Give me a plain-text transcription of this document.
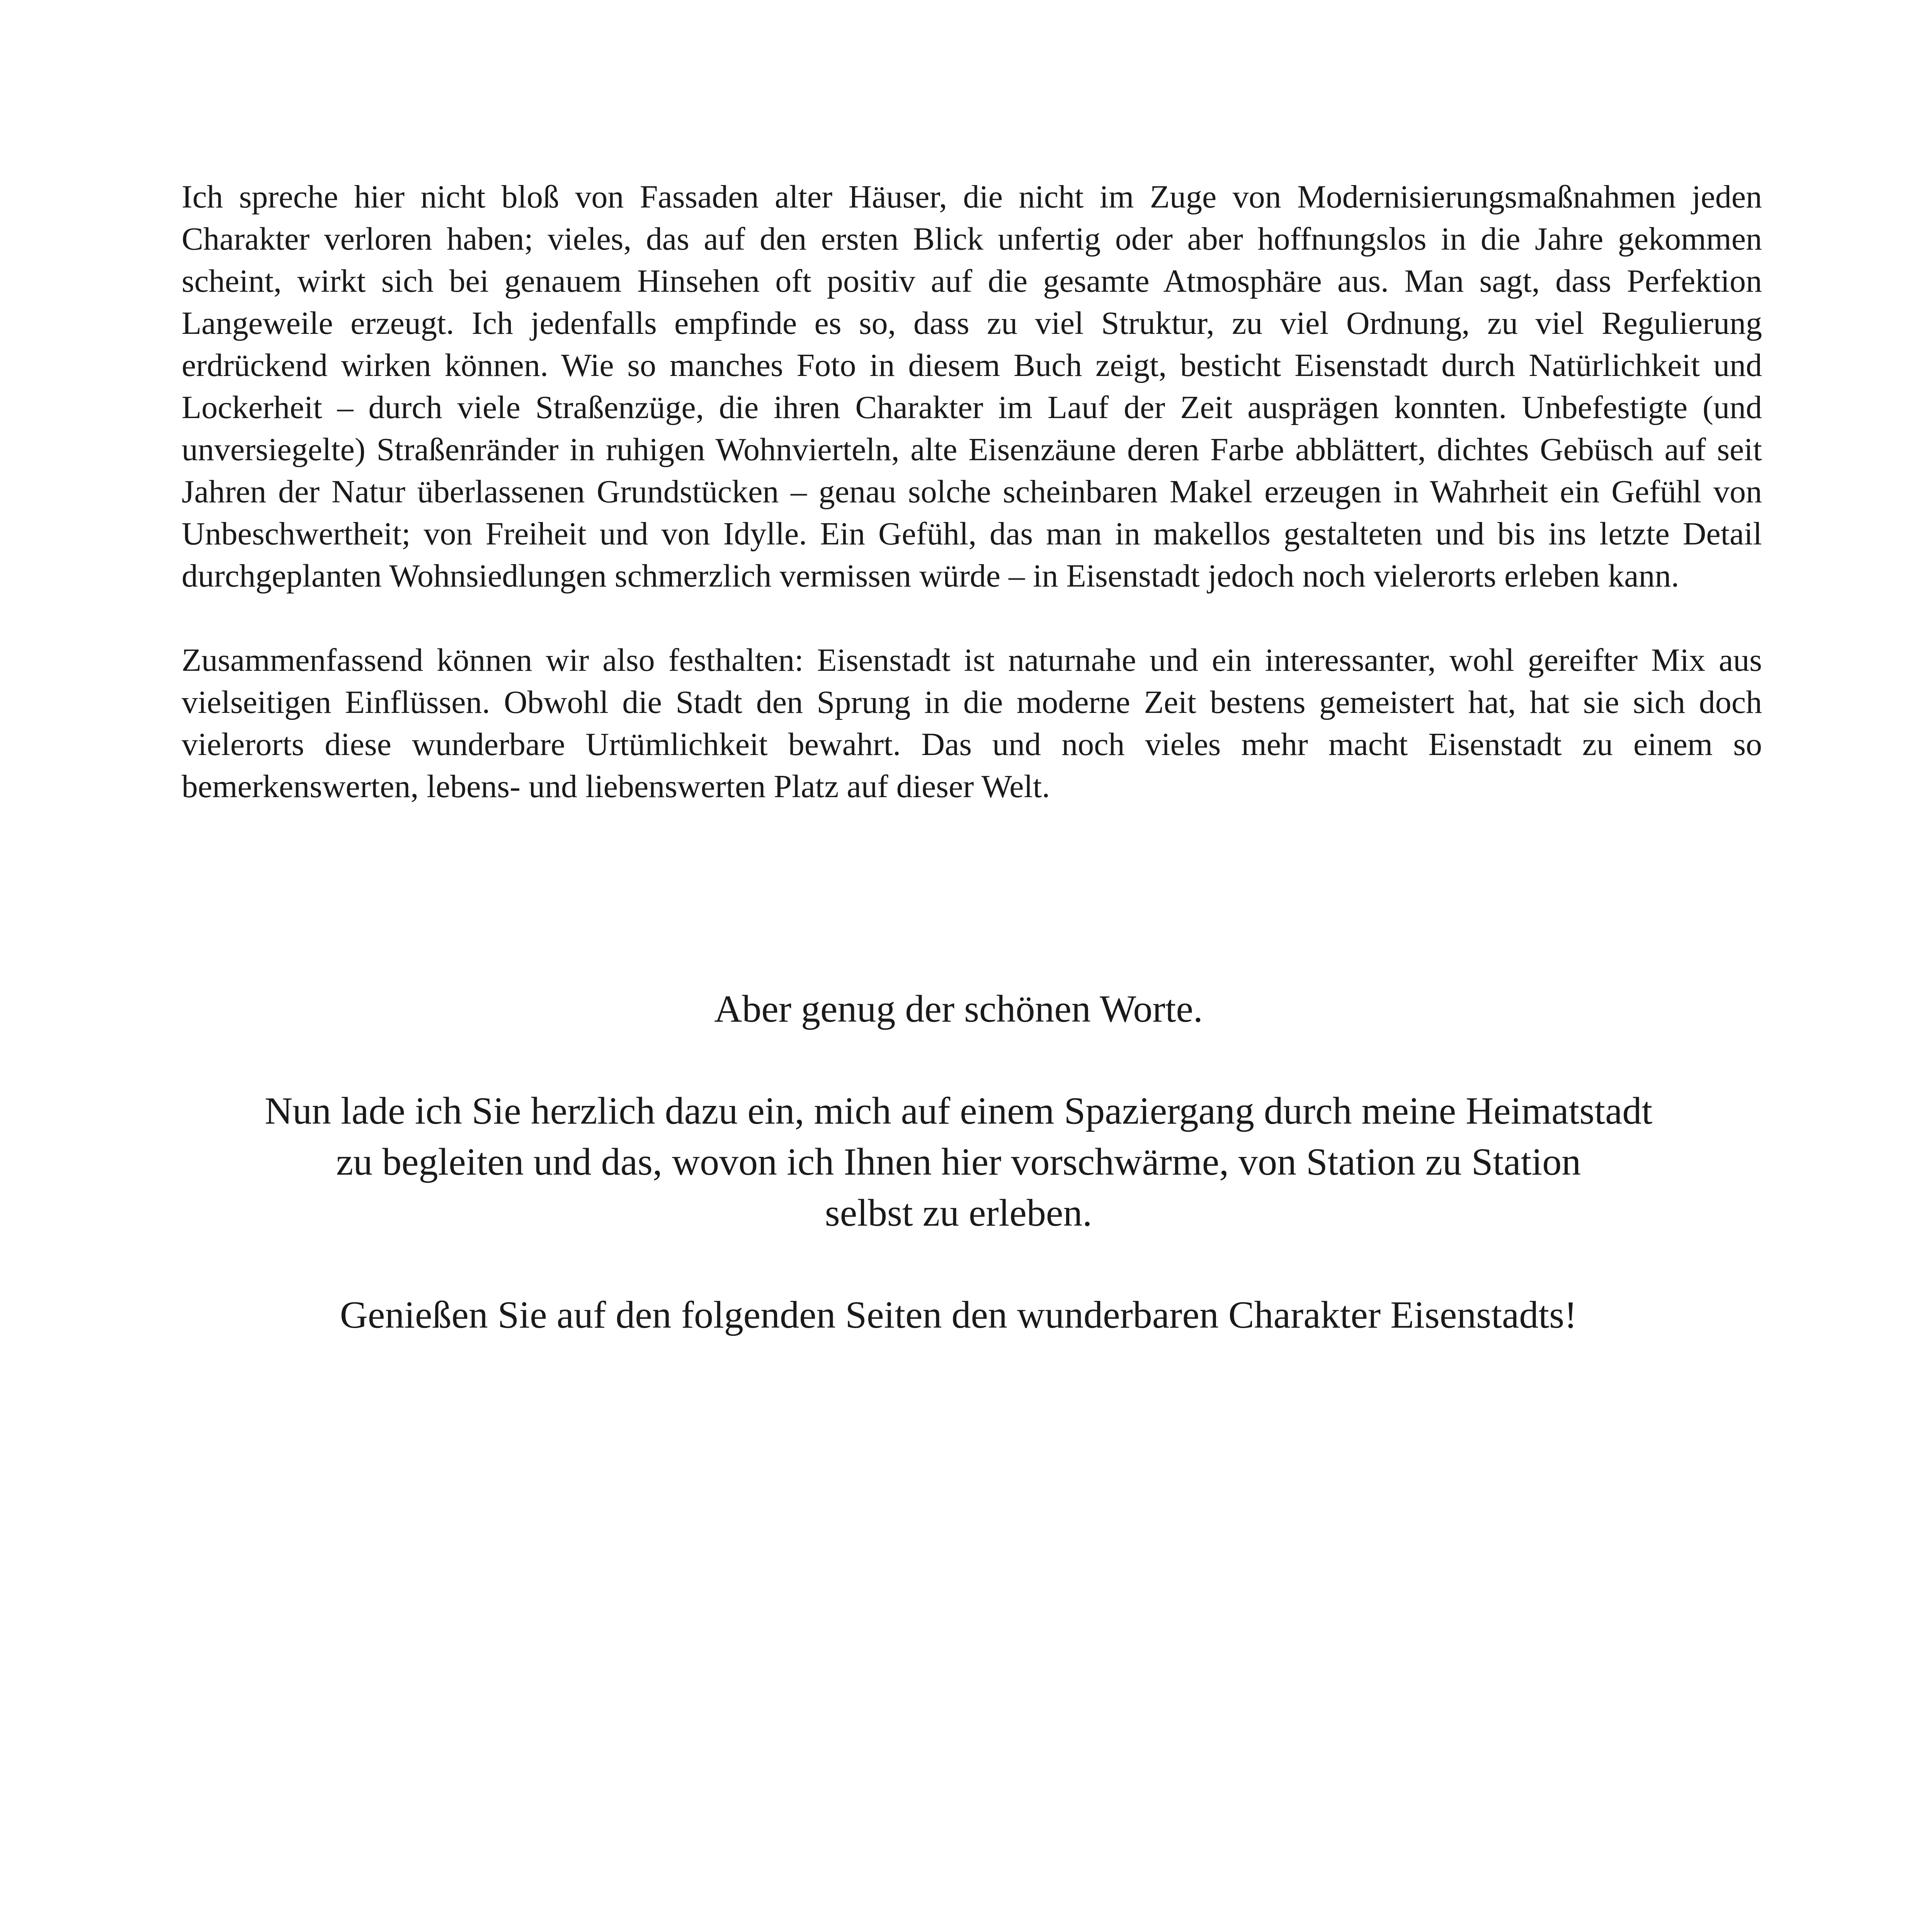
Ich spreche hier nicht bloß von Fassaden alter Häuser, die nicht im Zuge von Modernisierungsmaßnahmen jeden Charakter verloren haben; vieles, das auf den ersten Blick unfertig oder aber hoffnungslos in die Jahre gekommen scheint, wirkt sich bei genauem Hinsehen oft positiv auf die gesamte Atmosphäre aus. Man sagt, dass Perfektion Langeweile erzeugt. Ich jedenfalls empfinde es so, dass zu viel Struktur, zu viel Ordnung, zu viel Regulierung erdrückend wirken können. Wie so manches Foto in diesem Buch zeigt, besticht Eisenstadt durch Natürlichkeit und Lockerheit – durch viele Straßenzüge, die ihren Charakter im Lauf der Zeit ausprägen konnten. Unbefestigte (und unversiegelte) Straßenränder in ruhigen Wohnvierteln, alte Eisenzäune deren Farbe abblättert, dichtes Gebüsch auf seit Jahren der Natur überlassenen Grundstücken – genau solche scheinbaren Makel erzeugen in Wahrheit ein Gefühl von Unbeschwertheit; von Freiheit und von Idylle. Ein Gefühl, das man in makellos gestalteten und bis ins letzte Detail durchgeplanten Wohnsiedlungen schmerzlich vermissen würde – in Eisenstadt jedoch noch vielerorts erleben kann.

Zusammenfassend können wir also festhalten: Eisenstadt ist naturnahe und ein interessanter, wohl gereifter Mix aus vielseitigen Einflüssen. Obwohl die Stadt den Sprung in die moderne Zeit bestens gemeistert hat, hat sie sich doch vielerorts diese wunderbare Urtümlichkeit bewahrt. Das und noch vieles mehr macht Eisenstadt zu einem so bemerkenswerten, lebens- und liebenswerten Platz auf dieser Welt.

Aber genug der schönen Worte.

Nun lade ich Sie herzlich dazu ein, mich auf einem Spaziergang durch meine Heimatstadt
zu begleiten und das, wovon ich Ihnen hier vorschwärme, von Station zu Station
selbst zu erleben.

Genießen Sie auf den folgenden Seiten den wunderbaren Charakter Eisenstadts!
